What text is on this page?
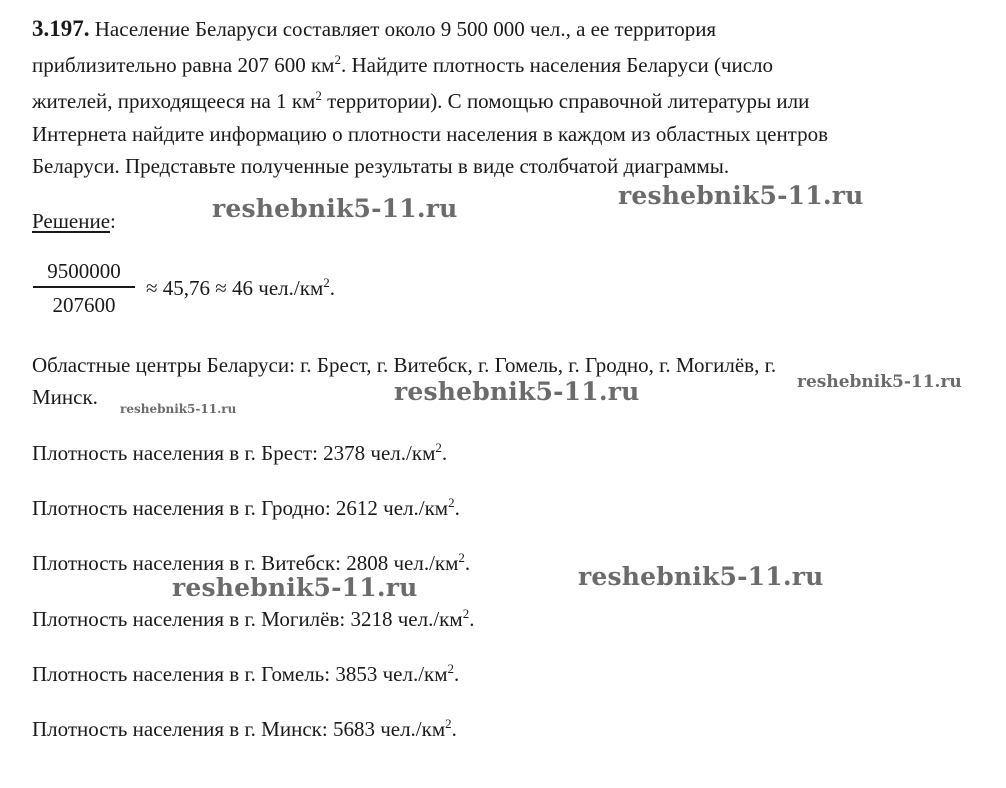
3.197. Население Беларуси составляет около 9 500 000 чел., а ее территория
приблизительно равна 207 600 $км^2$. Найдите плотность населения Беларуси (число
жителей, приходящееся на 1 $км^2$ территории). С помощью справочной литературы или
Интернета найдите информацию о плотности населения в каждом из областных центров
Беларуси. Представьте полученные результаты в виде столбчатой диаграммы.
Решение:
9500000
207600
≈ 45,76 ≈ 46 $чел./км^2$.
Областные центры Беларуси: г. Брест, г. Витебск, г. Гомель, г. Гродно, г. Могилёв, г.
Минск.
Плотность населения в г. Брест: 2378 $чел./км^2$.
Плотность населения в г. Гродно: 2612 $чел./км^2$.
Плотность населения в г. Витебск: 2808 $чел./км^2$.
Плотность населения в г. Могилёв: 3218 $чел./км^2$.
Плотность населения в г. Гомель: 3853 $чел./км^2$.
Плотность населения в г. Минск: 5683 $чел./км^2$.
reshebnik5-11.ru	reshebnik5-11.ru
reshebnik5-11.ru	reshebnik5-11.ru
reshebnik5-11.ru
reshebnik5-11.ru
reshebnik5-11.ru
